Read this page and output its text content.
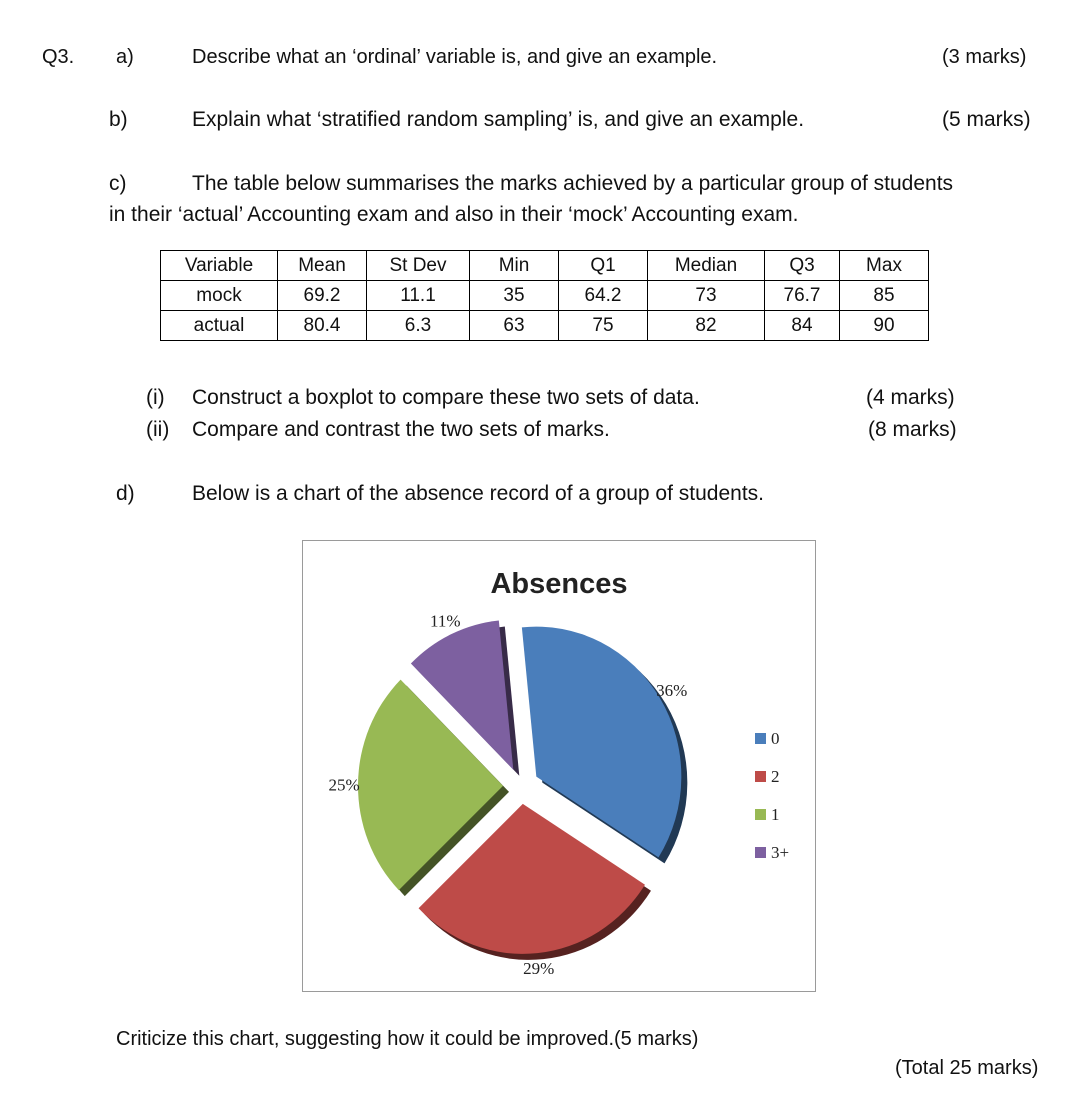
Q3. a)	Describe what an ‘ordinal’ variable is, and give an example.	(3 marks)
b)	Explain what ‘stratified random sampling’ is, and give an example.	(5 marks)
c)	The table below summarises the marks achieved by a particular group of students
in their ‘actual’ Accounting exam and also in their ‘mock’ Accounting exam.
Variable	Mean	St Dev	Min	Q1	Median	Q3	Max
mock	69.2	11.1	35	64.2	73	76.7	85
actual	80.4	6.3	63	75	82	84	90
(i) Construct a boxplot to compare these two sets of data.	(4 marks)
(ii) Compare and contrast the two sets of marks.	(8 marks)
d)	Below is a chart of the absence record of a group of students.
Absences
36%
29%
25%
11%
0
2
1
3+
Criticize this chart, suggesting how it could be improved.(5 marks)
(Total 25 marks)
